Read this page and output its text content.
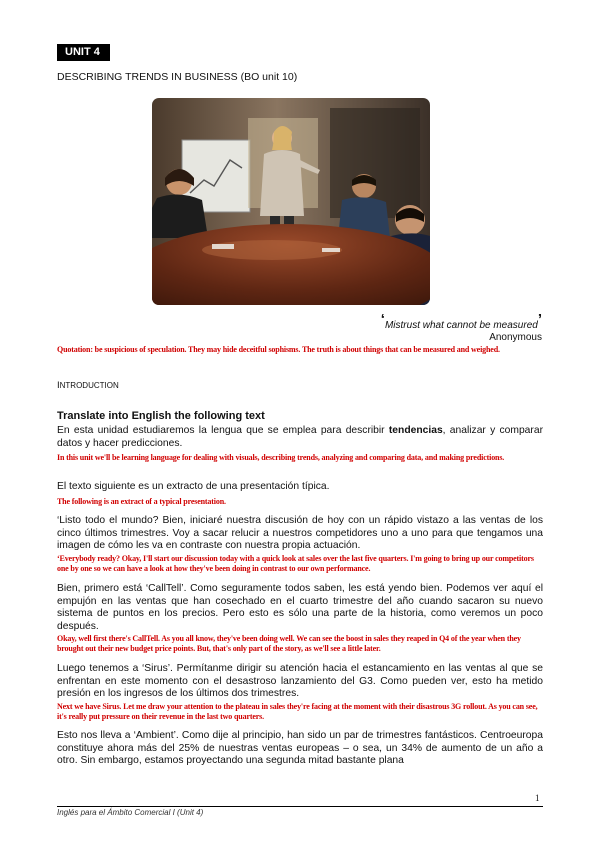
UNIT 4
DESCRIBING TRENDS IN BUSINESS (BO unit 10)
‘Mistrust what cannot be measured’
Anonymous
Quotation: be suspicious of speculation. They may hide deceitful sophisms. The truth is about things that can be measured and weighed.
INTRODUCTION
Translate into English the following text
En esta unidad estudiaremos la lengua que se emplea para describir tendencias, analizar y comparar datos y hacer predicciones.
In this unit we'll be learning language for dealing with visuals, describing trends, analyzing and comparing data, and making predictions.
El texto siguiente es un extracto de una presentación típica.
The following is an extract of a typical presentation.
‘Listo todo el mundo? Bien, iniciaré nuestra discusión de hoy con un rápido vistazo a las ventas de los cinco últimos trimestres. Voy a sacar relucir a nuestros competidores uno a uno para que tengamos una imagen de cómo les va en contraste con nuestra propia actuación.
‘Everybody ready? Okay, I'll start our discussion today with a quick look at sales over the last five quarters. I'm going to bring up our competitors one by one so we can have a look at how they've been doing in contrast to our own performance.
Bien, primero está ‘CallTell’. Como seguramente todos saben, les está yendo bien. Podemos ver aquí el empujón en las ventas que han cosechado en el cuarto trimestre del año cuando sacaron su nuevo sistema de puntos en los precios. Pero esto es sólo una parte de la historia, como veremos un poco después.
Okay, well first there's CallTell. As you all know, they've been doing well. We can see the boost in sales they reaped in Q4 of the year when they brought out their new budget price points. But, that's only part of the story, as we'll see a little later.
Luego tenemos a ‘Sirus’. Permítanme dirigir su atención hacia el estancamiento en las ventas al que se enfrentan en este momento con el desastroso lanzamiento del G3. Como pueden ver, esto ha metido presión en los ingresos de los últimos dos trimestres.
Next we have Sirus. Let me draw your attention to the plateau in sales they're facing at the moment with their disastrous 3G rollout. As you can see, it's really put pressure on their revenue in the last two quarters.
Esto nos lleva a ‘Ambient’. Como dije al principio, han sido un par de trimestres fantásticos. Centroeuropa constituye ahora más del 25% de nuestras ventas europeas – o sea, un 34% de aumento de un año a otro. Sin embargo, estamos proyectando una segunda mitad bastante plana
1
Inglés para el Ámbito Comercial I (Unit 4)
